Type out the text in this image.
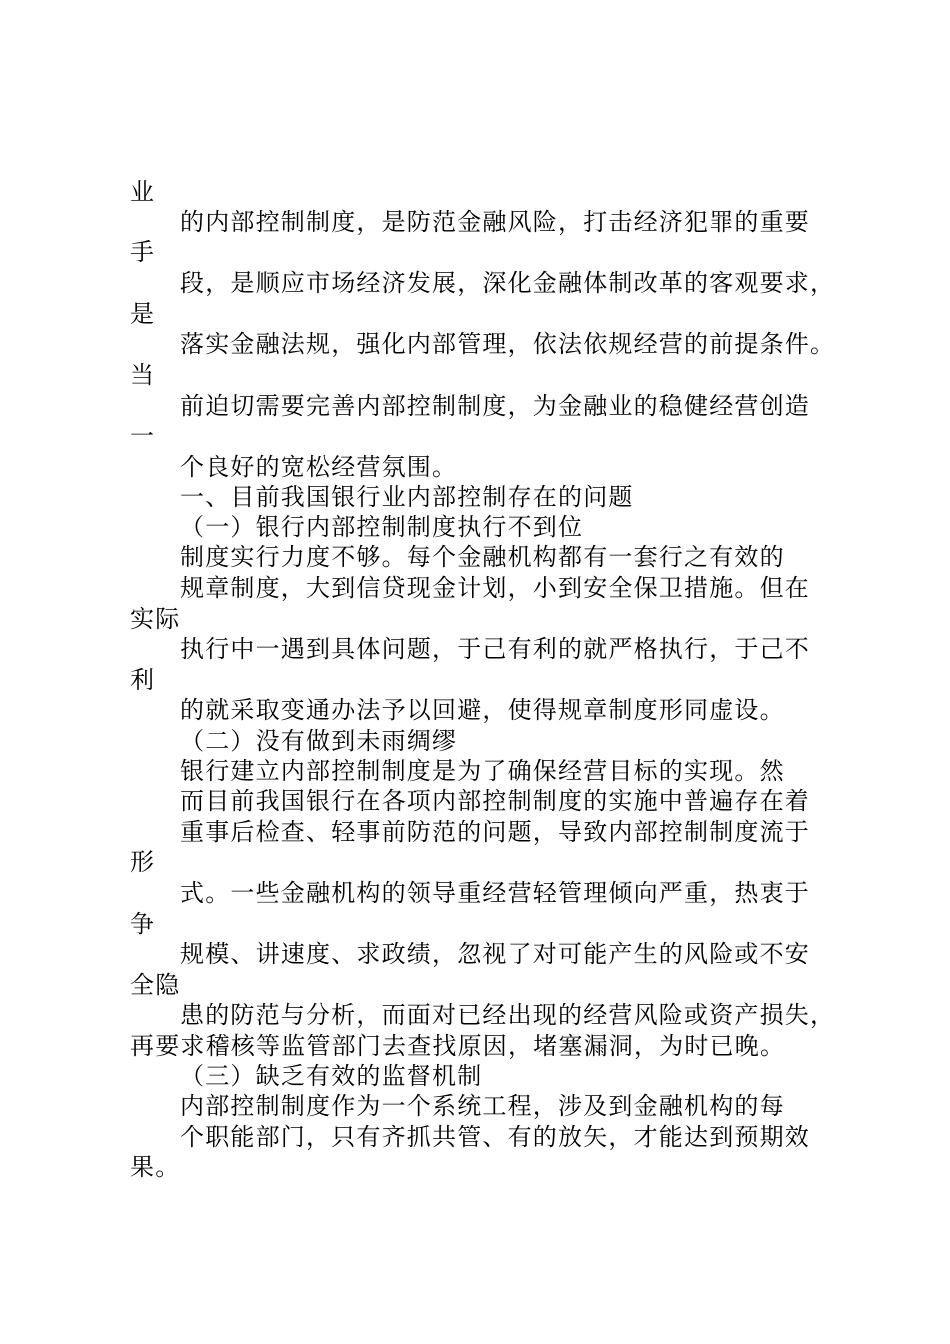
业
的内部控制制度，是防范金融风险，打击经济犯罪的重要
手
段，是顺应市场经济发展，深化金融体制改革的客观要求，
是
落实金融法规，强化内部管理，依法依规经营的前提条件。
当
前迫切需要完善内部控制制度，为金融业的稳健经营创造
一
个良好的宽松经营氛围。
一、目前我国银行业内部控制存在的问题
（一）银行内部控制制度执行不到位
制度实行力度不够。每个金融机构都有一套行之有效的
规章制度，大到信贷现金计划，小到安全保卫措施。但在
实际
执行中一遇到具体问题，于己有利的就严格执行，于己不
利
的就采取变通办法予以回避，使得规章制度形同虚设。
（二）没有做到未雨绸缪
银行建立内部控制制度是为了确保经营目标的实现。然
而目前我国银行在各项内部控制制度的实施中普遍存在着
重事后检查、轻事前防范的问题，导致内部控制制度流于
形
式。一些金融机构的领导重经营轻管理倾向严重，热衷于
争
规模、讲速度、求政绩，忽视了对可能产生的风险或不安
全隐
患的防范与分析，而面对已经出现的经营风险或资产损失，
再要求稽核等监管部门去查找原因，堵塞漏洞，为时已晚。
（三）缺乏有效的监督机制
内部控制制度作为一个系统工程，涉及到金融机构的每
个职能部门，只有齐抓共管、有的放矢，才能达到预期效
果。
